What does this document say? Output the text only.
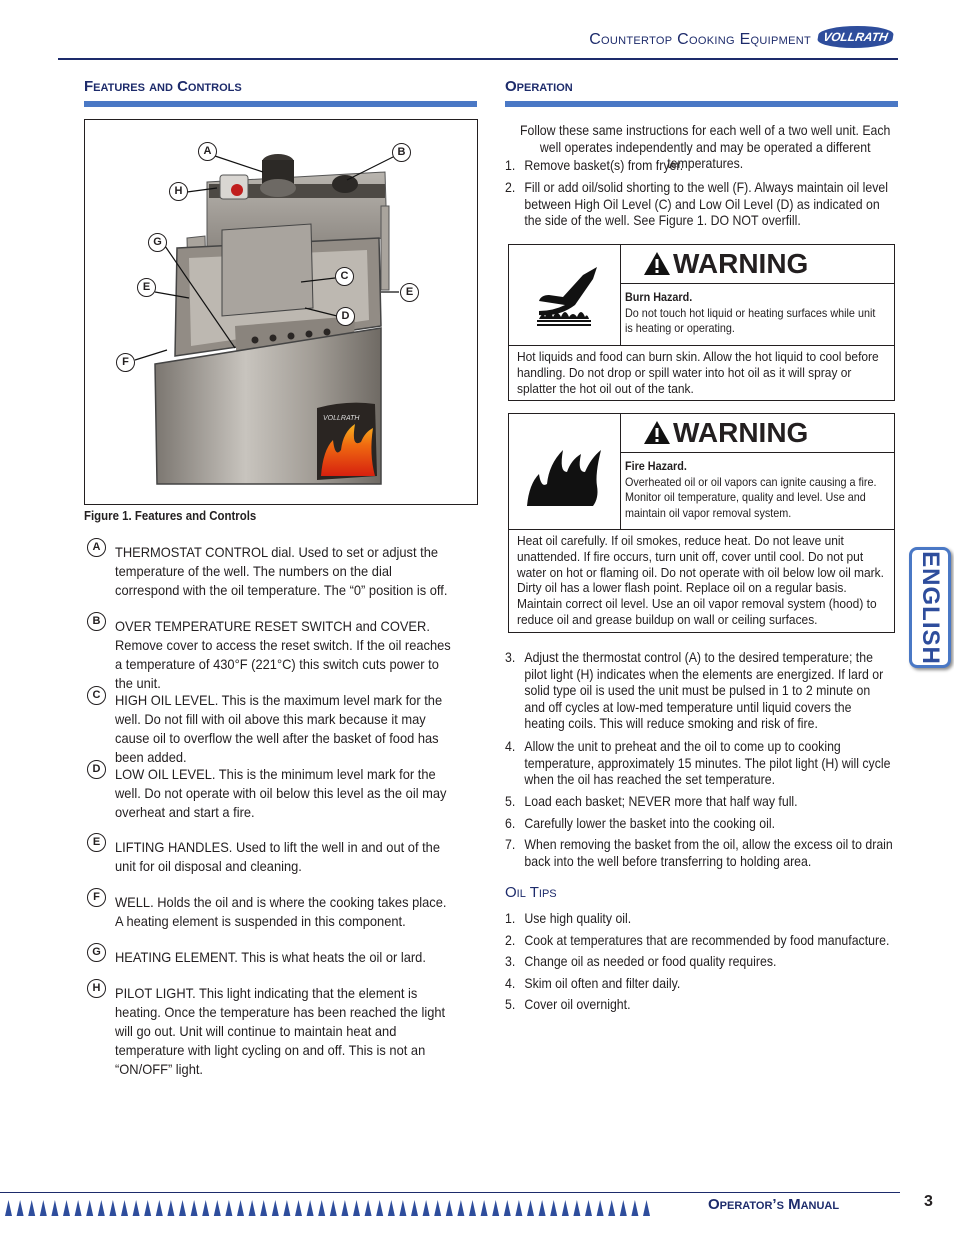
Countertop Cooking Equipment VOLLRATH
Features and Controls
VOLLRATH
A	B
H
G
C
E	E
D
F
Figure 1. Features and Controls
A	THERMOSTAT CONTROL dial. Used to set or adjust the temperature of the well. The numbers on the dial correspond with the oil temperature. The “0” position is off.
B	OVER TEMPERATURE RESET SWITCH and COVER. Remove cover to access the reset switch. If the oil reaches a temperature of 430°F (221°C) this switch cuts power to the unit.
C	HIGH OIL LEVEL. This is the maximum level mark for the well. Do not fill with oil above this mark because it may cause oil to overflow the well after the basket of food has been added.
D	LOW OIL LEVEL. This is the minimum level mark for the well. Do not operate with oil below this level as the oil may overheat and start a fire.
E	LIFTING HANDLES. Used to lift the well in and out of the unit for oil disposal and cleaning.
F	WELL. Holds the oil and is where the cooking takes place. A heating element is suspended in this component.
G	HEATING ELEMENT. This is what heats the oil or lard.
H	PILOT LIGHT. This light indicating that the element is heating. Once the temperature has been reached the light will go out. Unit will continue to maintain heat and temperature with light cycling on and off. This is not an “ON/OFF” light.
Operation
Follow these same instructions for each well of a two well unit. Each well operates independently and may be operated a different temperatures.
1. Remove basket(s) from fryer.
2. Fill or add oil/solid shorting to the well (F). Always maintain oil level between High Oil Level (C) and Low Oil Level (D) as indicated on the side of the well. See Figure 1. DO NOT overfill.
WARNING
Burn Hazard.
Do not touch hot liquid or heating surfaces while unit is heating or operating.
Hot liquids and food can burn skin. Allow the hot liquid to cool before handling. Do not drop or spill water into hot oil as it will spray or splatter the hot oil out of the tank.
WARNING
Fire Hazard.
Overheated oil or oil vapors can ignite causing a fire. Monitor oil temperature, quality and level. Use and maintain oil vapor removal system.
Heat oil carefully. If oil smokes, reduce heat. Do not leave unit unattended. If fire occurs, turn unit off, cover until cool. Do not put water on hot or flaming oil. Do not operate with oil below low oil mark. Dirty oil has a lower flash point. Replace oil on a regular basis. Maintain correct oil level. Use an oil vapor removal system (hood) to reduce oil and grease buildup on wall or ceiling surfaces.
3. Adjust the thermostat control (A) to the desired temperature; the pilot light (H) indicates when the elements are energized. If lard or solid type oil is used the unit must be pulsed in 1 to 2 minute on and off cycles at low-med temperature until liquid covers the heating coils. This will reduce smoking and risk of fire.
4. Allow the unit to preheat and the oil to come up to cooking temperature, approximately 15 minutes. The pilot light (H) will cycle when the oil has reached the set temperature.
5. Load each basket; NEVER more that half way full.
6. Carefully lower the basket into the cooking oil.
7. When removing the basket from the oil, allow the excess oil to drain back into the well before transferring to holding area.
Oil Tips
1. Use high quality oil.
2. Cook at temperatures that are recommended by food manufacture.
3. Change oil as needed or food quality requires.
4. Skim oil often and filter daily.
5. Cover oil overnight.
ENGLISH
Operator’s Manual	3
